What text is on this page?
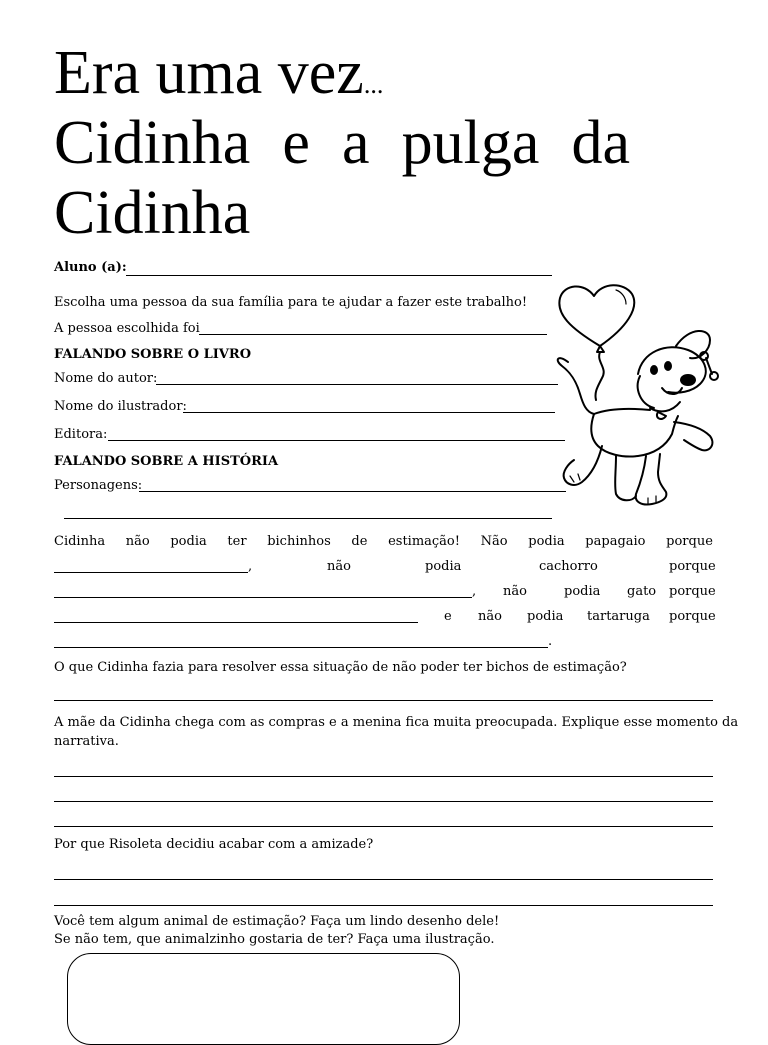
Era uma vez...
Cidinha e a pulga da
Cidinha
Aluno (a):
Escolha uma pessoa da sua família para te ajudar a fazer este trabalho!
A pessoa escolhida foi
FALANDO SOBRE O LIVRO
Nome do autor:
Nome do ilustrador:
Editora:
FALANDO SOBRE A HISTÓRIA
Personagens:
Cidinha não podia ter bichinhos de estimação! Não podia papagaio porque
,	não	podia	cachorro	porque
, não	podia gato porque
e não podia tartaruga porque
.
O que Cidinha fazia para resolver essa situação de não poder ter bichos de estimação?
A mãe da Cidinha chega com as compras e a menina fica muita preocupada. Explique esse momento da
narrativa.
Por que Risoleta decidiu acabar com a amizade?
Você tem algum animal de estimação? Faça um lindo desenho dele!
Se não tem, que animalzinho gostaria de ter? Faça uma ilustração.
